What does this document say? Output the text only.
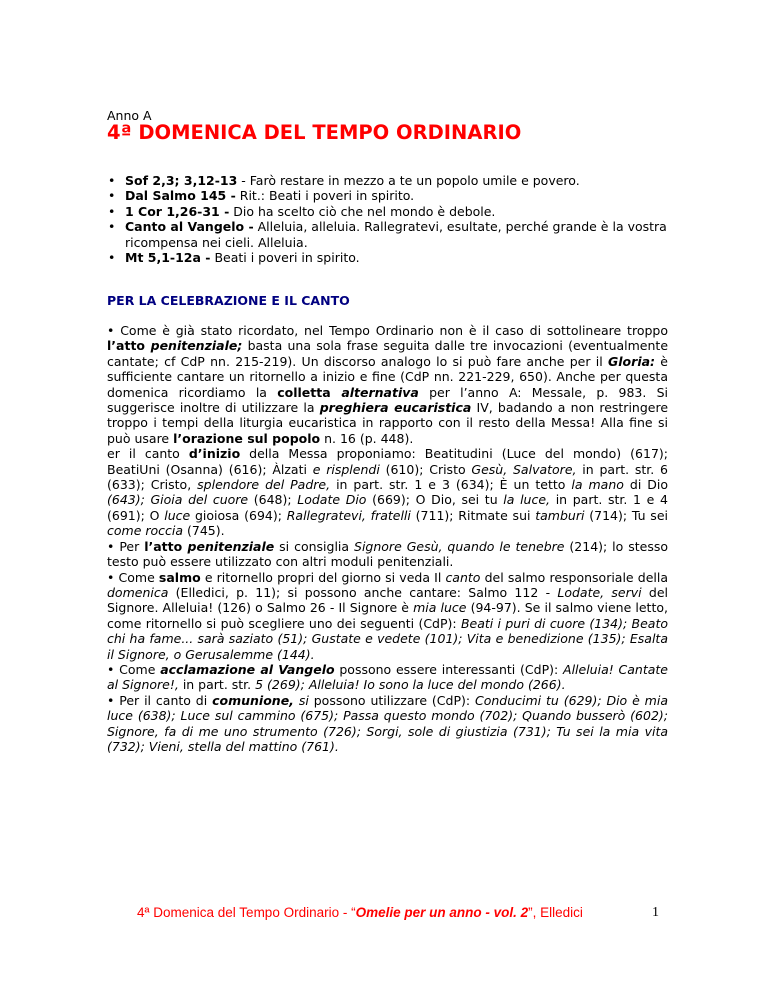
Anno A
4ª DOMENICA DEL TEMPO ORDINARIO
• Sof 2,3; 3,12-13 - Farò restare in mezzo a te un popolo umile e povero.
• Dal Salmo 145 - Rit.: Beati i poveri in spirito.
• 1 Cor 1,26-31 - Dio ha scelto ciò che nel mondo è debole.
• Canto al Vangelo - Alleluia, alleluia. Rallegratevi, esultate, perché grande è la vostra ricompensa nei cieli. Alleluia.
• Mt 5,1-12a - Beati i poveri in spirito.
PER LA CELEBRAZIONE E IL CANTO

• Come è già stato ricordato, nel Tempo Ordinario non è il caso di sottolineare troppo l’atto penitenziale; basta una sola frase seguita dalle tre invocazioni (eventualmente cantate; cf CdP nn. 215-219). Un discorso analogo lo si può fare anche per il Gloria: è sufficiente cantare un ritornello a inizio e fine (CdP nn. 221-229, 650). Anche per questa domenica ricordiamo la colletta alternativa per l’anno A: Messale, p. 983. Si suggerisce inoltre di utilizzare la preghiera eucaristica IV, badando a non restringere troppo i tempi della liturgia eucaristica in rapporto con il resto della Messa! Alla fine si può usare l’orazione sul popolo n. 16 (p. 448).

er il canto d’inizio della Messa proponiamo: Beatitudini (Luce del mondo) (617); BeatiUni (Osanna) (616); Àlzati e risplendi (610); Cristo Gesù, Salvatore, in part. str. 6 (633); Cristo, splendore del Padre, in part. str. 1 e 3 (634); È un tetto la mano di Dio (643); Gioia del cuore (648); Lodate Dio (669); O Dio, sei tu la luce, in part. str. 1 e 4 (691); O luce gioiosa (694); Rallegratevi, fratelli (711); Ritmate sui tamburi (714); Tu sei come roccia (745).

• Per l’atto penitenziale si consiglia Signore Gesù, quando le tenebre (214); lo stesso testo può essere utilizzato con altri moduli penitenziali.

• Come salmo e ritornello propri del giorno si veda Il canto del salmo responsoriale della domenica (Elledici, p. 11); si possono anche cantare: Salmo 112 - Lodate, servi del Signore. Alleluia! (126) o Salmo 26 - Il Signore è mia luce (94-97). Se il salmo viene letto, come ritornello si può scegliere uno dei seguenti (CdP): Beati i puri di cuore (134); Beato chi ha fame... sarà saziato (51); Gustate e vedete (101); Vita e benedizione (135); Esalta il Signore, o Gerusalemme (144).

• Come acclamazione al Vangelo possono essere interessanti (CdP): Alleluia! Cantate al Signore!, in part. str. 5 (269); Alleluia! Io sono la luce del mondo (266).

• Per il canto di comunione, si possono utilizzare (CdP): Conducimi tu (629); Dio è mia luce (638); Luce sul cammino (675); Passa questo mondo (702); Quando busserò (602); Signore, fa di me uno strumento (726); Sorgi, sole di giustizia (731); Tu sei la mia vita (732); Vieni, stella del mattino (761).

4ª Domenica del Tempo Ordinario - “Omelie per un anno - vol. 2”, Elledici	1
